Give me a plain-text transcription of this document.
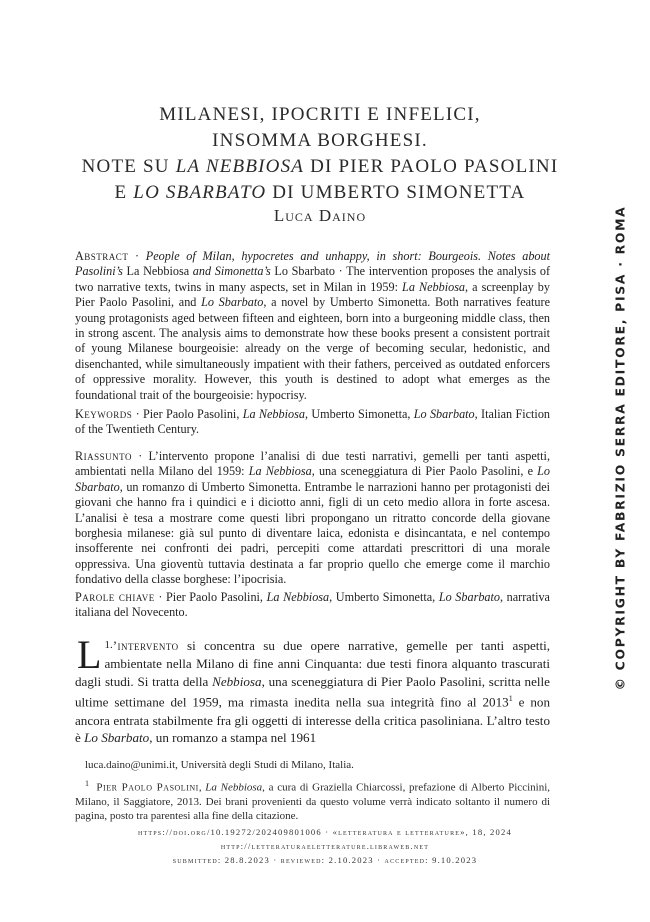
MILANESI, IPOCRITI E INFELICI,
INSOMMA BORGHESI.
NOTE SU LA NEBBIOSA DI PIER PAOLO PASOLINI
E LO SBARBATO DI UMBERTO SIMONETTA
Luca Daino
Abstract · People of Milan, hypocretes and unhappy, in short: Bourgeois. Notes about Pasolini’s La Nebbiosa and Simonetta’s Lo Sbarbato · The intervention proposes the analysis of two narrative texts, twins in many aspects, set in Milan in 1959: La Nebbiosa, a screenplay by Pier Paolo Pasolini, and Lo Sbarbato, a novel by Umberto Simonetta. Both narratives feature young protagonists aged between fifteen and eighteen, born into a burgeoning middle class, then in strong ascent. The analysis aims to demonstrate how these books present a consistent portrait of young Milanese bourgeoisie: already on the verge of becoming secular, hedonistic, and disenchanted, while simultaneously impatient with their fathers, perceived as outdated enforcers of oppressive morality. However, this youth is destined to adopt what emerges as the foundational trait of the bourgeoisie: hypocrisy.
Keywords · Pier Paolo Pasolini, La Nebbiosa, Umberto Simonetta, Lo Sbarbato, Italian Fiction of the Twentieth Century.
Riassunto · L’intervento propone l’analisi di due testi narrativi, gemelli per tanti aspetti, ambientati nella Milano del 1959: La Nebbiosa, una sceneggiatura di Pier Paolo Pasolini, e Lo Sbarbato, un romanzo di Umberto Simonetta. Entrambe le narrazioni hanno per protagonisti dei giovani che hanno fra i quindici e i diciotto anni, figli di un ceto medio allora in forte ascesa. L’analisi è tesa a mostrare come questi libri propongano un ritratto concorde della giovane borghesia milanese: già sul punto di diventare laica, edonista e disincantata, e nel contempo insofferente nei confronti dei padri, percepiti come attardati prescrittori di una morale oppressiva. Una gioventù tuttavia destinata a far proprio quello che emerge come il marchio fondativo della classe borghese: l’ipocrisia.
Parole chiave · Pier Paolo Pasolini, La Nebbiosa, Umberto Simonetta, Lo Sbarbato, narrativa italiana del Novecento.
$^{1.}$
L ’intervento si concentra su due opere narrative, gemelle per tanti aspetti, ambientate nella Milano di fine anni Cinquanta: due testi finora alquanto trascurati dagli studi. Si tratta della Nebbiosa, una sceneggiatura di Pier Paolo Pasolini, scritta nelle ultime settimane del 1959, ma rimasta inedita nella sua integrità fino al 2013$^1$ e non ancora entrata stabilmente fra gli oggetti di interesse della critica pasoliniana. L’altro testo è Lo Sbarbato, un romanzo a stampa nel 1961

luca.daino@unimi.it, Università degli Studi di Milano, Italia.

$^1$ Pier Paolo Pasolini, La Nebbiosa, a cura di Graziella Chiarcossi, prefazione di Alberto Piccinini, Milano, il Saggiatore, 2013. Dei brani provenienti da questo volume verrà indicato soltanto il numero di pagina, posto tra parentesi alla fine della citazione.

https://doi.org/10.19272/202409801006 · «letteratura e letterature», 18, 2024
http://letteraturaeletterature.libraweb.net
submitted: 28.8.2023 · reviewed: 2.10.2023 · accepted: 9.10.2023
© COPYRIGHT BY FABRIZIO SERRA EDITORE, PISA · ROMA
